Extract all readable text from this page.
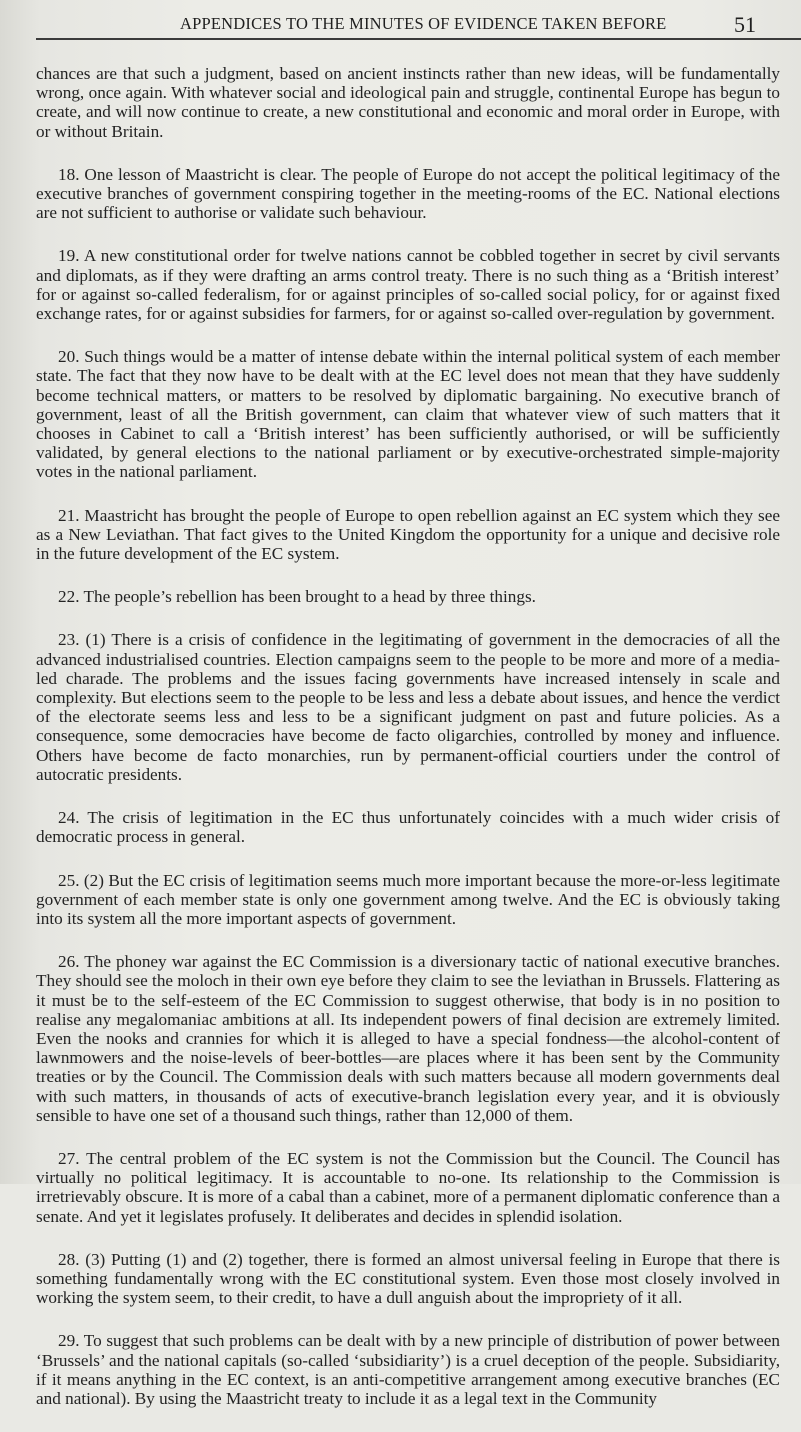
APPENDICES TO THE MINUTES OF EVIDENCE TAKEN BEFORE	51

chances are that such a judgment, based on ancient instincts rather than new ideas, will be fundamentally wrong, once again. With whatever social and ideological pain and struggle, continental Europe has begun to create, and will now continue to create, a new constitutional and economic and moral order in Europe, with or without Britain.

18. One lesson of Maastricht is clear. The people of Europe do not accept the political legitimacy of the executive branches of government conspiring together in the meeting-rooms of the EC. National elections are not sufficient to authorise or validate such behaviour.

19. A new constitutional order for twelve nations cannot be cobbled together in secret by civil servants and diplomats, as if they were drafting an arms control treaty. There is no such thing as a ‘British interest’ for or against so-called federalism, for or against principles of so-called social policy, for or against fixed exchange rates, for or against subsidies for farmers, for or against so-called over-regulation by government.

20. Such things would be a matter of intense debate within the internal political system of each member state. The fact that they now have to be dealt with at the EC level does not mean that they have suddenly become technical matters, or matters to be resolved by diplomatic bargaining. No executive branch of government, least of all the British government, can claim that whatever view of such matters that it chooses in Cabinet to call a ‘British interest’ has been sufficiently authorised, or will be sufficiently validated, by general elections to the national parliament or by executive-orchestrated simple-majority votes in the national parliament.

21. Maastricht has brought the people of Europe to open rebellion against an EC system which they see as a New Leviathan. That fact gives to the United Kingdom the opportunity for a unique and decisive role in the future development of the EC system.

22. The people’s rebellion has been brought to a head by three things.

23. (1) There is a crisis of confidence in the legitimating of government in the democracies of all the advanced industrialised countries. Election campaigns seem to the people to be more and more of a media-led charade. The problems and the issues facing governments have increased intensely in scale and complexity. But elections seem to the people to be less and less a debate about issues, and hence the verdict of the electorate seems less and less to be a significant judgment on past and future policies. As a consequence, some democracies have become de facto oligarchies, controlled by money and influence. Others have become de facto monarchies, run by permanent-official courtiers under the control of autocratic presidents.

24. The crisis of legitimation in the EC thus unfortunately coincides with a much wider crisis of democratic process in general.

25. (2) But the EC crisis of legitimation seems much more important because the more-or-less legitimate government of each member state is only one government among twelve. And the EC is obviously taking into its system all the more important aspects of government.

26. The phoney war against the EC Commission is a diversionary tactic of national executive branches. They should see the moloch in their own eye before they claim to see the leviathan in Brussels. Flattering as it must be to the self-esteem of the EC Commission to suggest otherwise, that body is in no position to realise any megalomaniac ambitions at all. Its independent powers of final decision are extremely limited. Even the nooks and crannies for which it is alleged to have a special fondness—the alcohol-content of lawnmowers and the noise-levels of beer-bottles—are places where it has been sent by the Community treaties or by the Council. The Commission deals with such matters because all modern governments deal with such matters, in thousands of acts of executive-branch legislation every year, and it is obviously sensible to have one set of a thousand such things, rather than 12,000 of them.

27. The central problem of the EC system is not the Commission but the Council. The Council has virtually no political legitimacy. It is accountable to no-one. Its relationship to the Commission is irretrievably obscure. It is more of a cabal than a cabinet, more of a permanent diplomatic conference than a senate. And yet it legislates profusely. It deliberates and decides in splendid isolation.

28. (3) Putting (1) and (2) together, there is formed an almost universal feeling in Europe that there is something fundamentally wrong with the EC constitutional system. Even those most closely involved in working the system seem, to their credit, to have a dull anguish about the impropriety of it all.

29. To suggest that such problems can be dealt with by a new principle of distribution of power between ‘Brussels’ and the national capitals (so-called ‘subsidiarity’) is a cruel deception of the people. Subsidiarity, if it means anything in the EC context, is an anti-competitive arrangement among executive branches (EC and national). By using the Maastricht treaty to include it as a legal text in the Community
